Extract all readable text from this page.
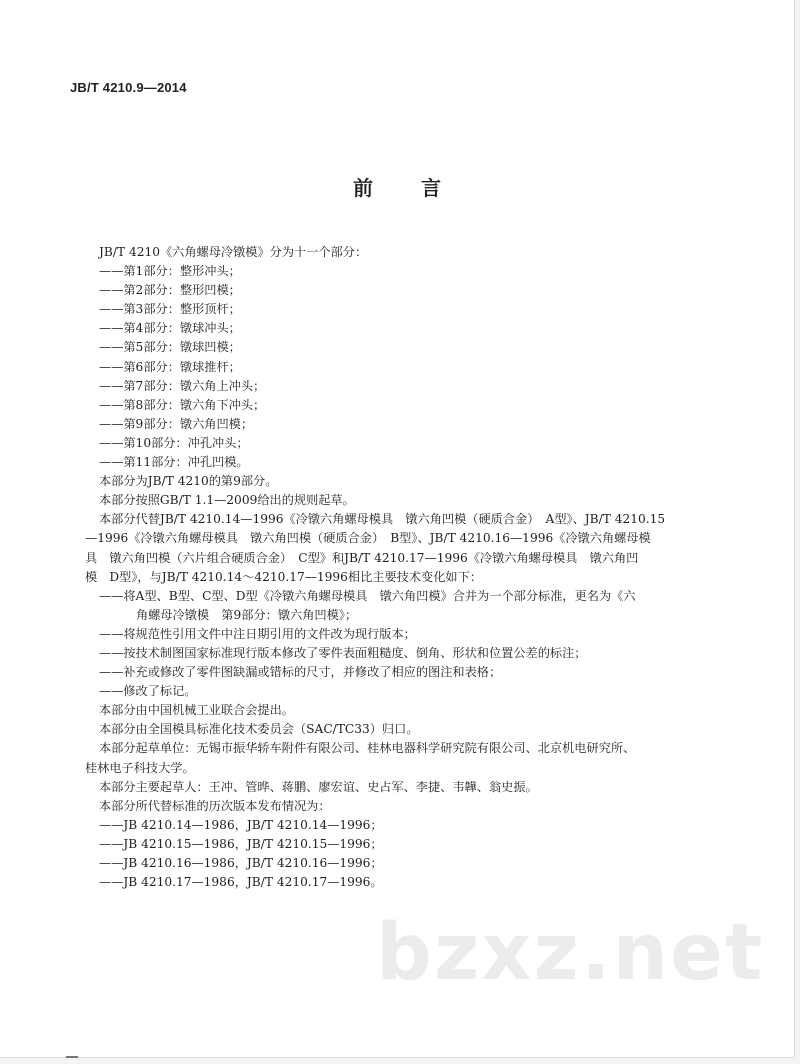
JB/T 4210.9—2014
前 言
JB/T 4210《六角螺母冷镦模》分为十一个部分：
——第1部分：整形冲头；
——第2部分：整形凹模；
——第3部分：整形顶杆；
——第4部分：镦球冲头；
——第5部分：镦球凹模；
——第6部分：镦球推杆；
——第7部分：镦六角上冲头；
——第8部分：镦六角下冲头；
——第9部分：镦六角凹模；
——第10部分：冲孔冲头；
——第11部分：冲孔凹模。
本部分为JB/T 4210的第9部分。
本部分按照GB/T 1.1—2009给出的规则起草。
本部分代替JB/T 4210.14—1996《冷镦六角螺母模具　镦六角凹模（硬质合金）　A型》、JB/T 4210.15
—1996《冷镦六角螺母模具　镦六角凹模（硬质合金）　B型》、JB/T 4210.16—1996《冷镦六角螺母模
具　镦六角凹模（六片组合硬质合金）　C型》和JB/T 4210.17—1996《冷镦六角螺母模具　镦六角凹
模　D型》，与JB/T 4210.14～4210.17—1996相比主要技术变化如下：
——将A型、B型、C型、D型《冷镦六角螺母模具　镦六角凹模》合并为一个部分标准，更名为《六
角螺母冷镦模　第9部分：镦六角凹模》；
——将规范性引用文件中注日期引用的文件改为现行版本；
——按技术制图国家标准现行版本修改了零件表面粗糙度、倒角、形状和位置公差的标注；
——补充或修改了零件图缺漏或错标的尺寸，并修改了相应的图注和表格；
——修改了标记。
本部分由中国机械工业联合会提出。
本部分由全国模具标准化技术委员会（SAC/TC33）归口。
本部分起草单位：无锡市振华轿车附件有限公司、桂林电器科学研究院有限公司、北京机电研究所、
桂林电子科技大学。
本部分主要起草人：王冲、管晔、蒋鹏、廖宏谊、史占军、李捷、韦韡、翁史振。
本部分所代替标准的历次版本发布情况为：
——JB 4210.14—1986，JB/T 4210.14—1996；
——JB 4210.15—1986，JB/T 4210.15—1996；
——JB 4210.16—1986，JB/T 4210.16—1996；
——JB 4210.17—1986，JB/T 4210.17—1996。
bzxz.net
